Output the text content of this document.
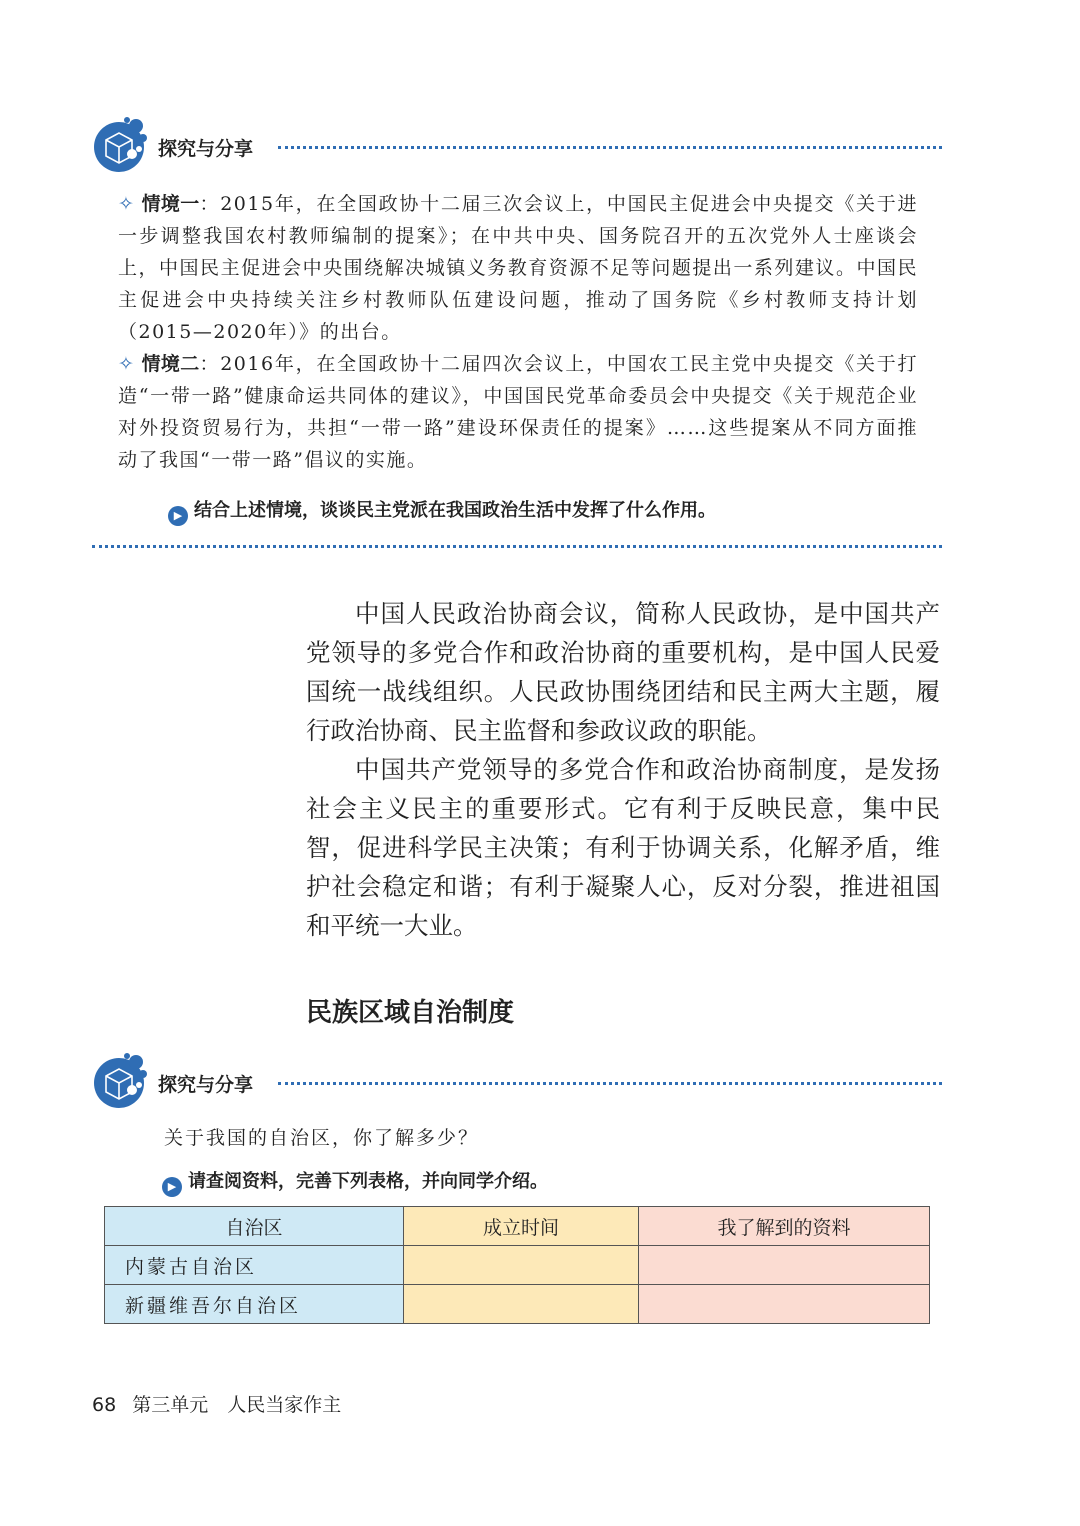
探究与分享

✧ 情境一：2015年，在全国政协十二届三次会议上，中国民主促进会中央提交《关于进一步调整我国农村教师编制的提案》；在中共中央、国务院召开的五次党外人士座谈会上，中国民主促进会中央围绕解决城镇义务教育资源不足等问题提出一系列建议。中国民主促进会中央持续关注乡村教师队伍建设问题，推动了国务院《乡村教师支持计划（2015—2020年）》的出台。

✧ 情境二：2016年，在全国政协十二届四次会议上，中国农工民主党中央提交《关于打造“一带一路”健康命运共同体的建议》，中国国民党革命委员会中央提交《关于规范企业对外投资贸易行为，共担“一带一路”建设环保责任的提案》……这些提案从不同方面推动了我国“一带一路”倡议的实施。

▶ 结合上述情境，谈谈民主党派在我国政治生活中发挥了什么作用。

中国人民政治协商会议，简称人民政协，是中国共产党领导的多党合作和政治协商的重要机构，是中国人民爱国统一战线组织。人民政协围绕团结和民主两大主题，履行政治协商、民主监督和参政议政的职能。

中国共产党领导的多党合作和政治协商制度，是发扬社会主义民主的重要形式。它有利于反映民意，集中民智，促进科学民主决策；有利于协调关系，化解矛盾，维护社会稳定和谐；有利于凝聚人心，反对分裂，推进祖国和平统一大业。

民族区域自治制度
探究与分享

关于我国的自治区，你了解多少？

▶ 请查阅资料，完善下列表格，并向同学介绍。
自治区	成立时间	我了解到的资料
内蒙古自治区		
新疆维吾尔自治区		
68 第三单元　人民当家作主
